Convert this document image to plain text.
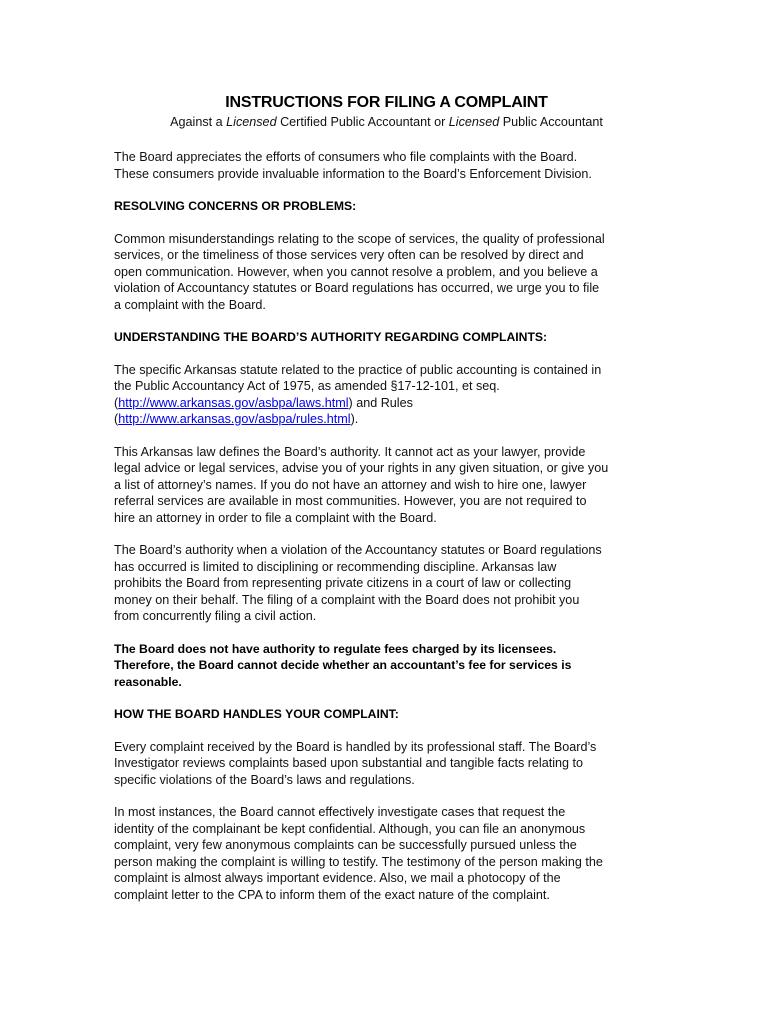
INSTRUCTIONS FOR FILING A COMPLAINT
Against a Licensed Certified Public Accountant or Licensed Public Accountant

The Board appreciates the efforts of consumers who file complaints with the Board.
These consumers provide invaluable information to the Board’s Enforcement Division.

RESOLVING CONCERNS OR PROBLEMS:

Common misunderstandings relating to the scope of services, the quality of professional
services, or the timeliness of those services very often can be resolved by direct and
open communication. However, when you cannot resolve a problem, and you believe a
violation of Accountancy statutes or Board regulations has occurred, we urge you to file
a complaint with the Board.

UNDERSTANDING THE BOARD’S AUTHORITY REGARDING COMPLAINTS:

The specific Arkansas statute related to the practice of public accounting is contained in
the Public Accountancy Act of 1975, as amended §17-12-101, et seq.
(http://www.arkansas.gov/asbpa/laws.html) and Rules
(http://www.arkansas.gov/asbpa/rules.html).

This Arkansas law defines the Board’s authority. It cannot act as your lawyer, provide
legal advice or legal services, advise you of your rights in any given situation, or give you
a list of attorney’s names. If you do not have an attorney and wish to hire one, lawyer
referral services are available in most communities. However, you are not required to
hire an attorney in order to file a complaint with the Board.

The Board’s authority when a violation of the Accountancy statutes or Board regulations
has occurred is limited to disciplining or recommending discipline. Arkansas law
prohibits the Board from representing private citizens in a court of law or collecting
money on their behalf. The filing of a complaint with the Board does not prohibit you
from concurrently filing a civil action.

The Board does not have authority to regulate fees charged by its licensees.
Therefore, the Board cannot decide whether an accountant’s fee for services is
reasonable.

HOW THE BOARD HANDLES YOUR COMPLAINT:

Every complaint received by the Board is handled by its professional staff. The Board’s
Investigator reviews complaints based upon substantial and tangible facts relating to
specific violations of the Board’s laws and regulations.

In most instances, the Board cannot effectively investigate cases that request the
identity of the complainant be kept confidential. Although, you can file an anonymous
complaint, very few anonymous complaints can be successfully pursued unless the
person making the complaint is willing to testify. The testimony of the person making the
complaint is almost always important evidence. Also, we mail a photocopy of the
complaint letter to the CPA to inform them of the exact nature of the complaint.
